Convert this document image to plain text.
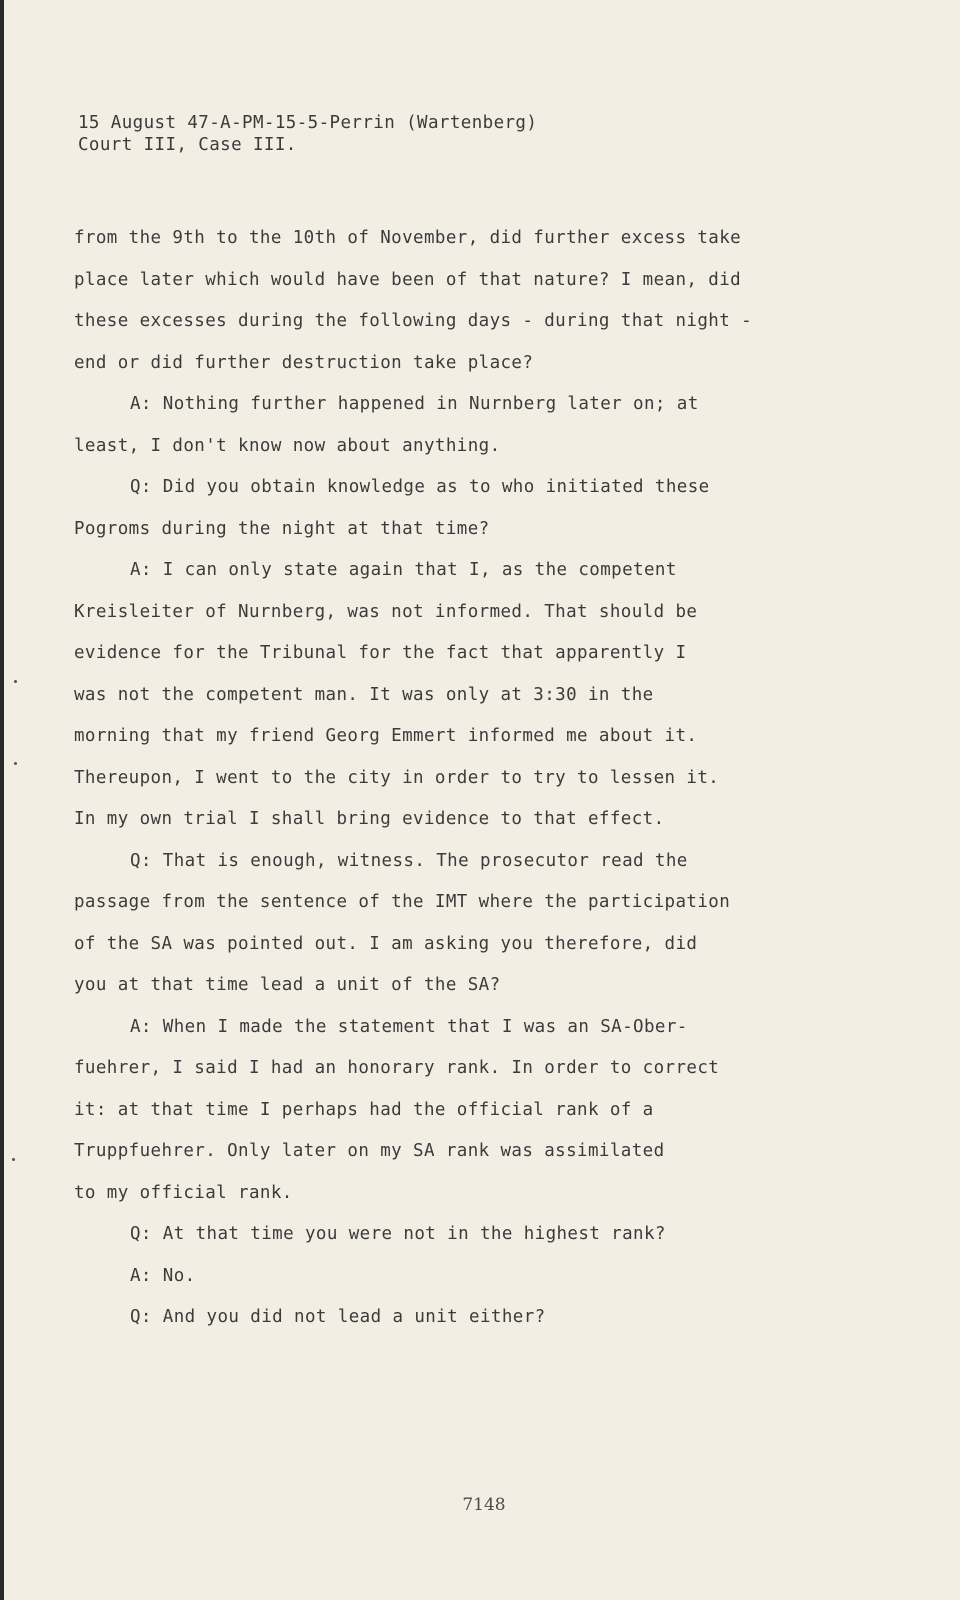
15 August 47-A-PM-15-5-Perrin (Wartenberg)
Court III, Case III.
from the 9th to the 10th of November, did further excess take
place later which would have been of that nature? I mean, did
these excesses during the following days - during that night -
end or did further destruction take place?
A: Nothing further happened in Nurnberg later on; at
least, I don't know now about anything.
Q: Did you obtain knowledge as to who initiated these
Pogroms during the night at that time?
A: I can only state again that I, as the competent
Kreisleiter of Nurnberg, was not informed. That should be
evidence for the Tribunal for the fact that apparently I
was not the competent man. It was only at 3:30 in the
morning that my friend Georg Emmert informed me about it.
Thereupon, I went to the city in order to try to lessen it.
In my own trial I shall bring evidence to that effect.
Q: That is enough, witness. The prosecutor read the
passage from the sentence of the IMT where the participation
of the SA was pointed out. I am asking you therefore, did
you at that time lead a unit of the SA?
A: When I made the statement that I was an SA-Ober-
fuehrer, I said I had an honorary rank. In order to correct
it: at that time I perhaps had the official rank of a
Truppfuehrer. Only later on my SA rank was assimilated
to my official rank.
Q: At that time you were not in the highest rank?
A: No.
Q: And you did not lead a unit either?
7148
